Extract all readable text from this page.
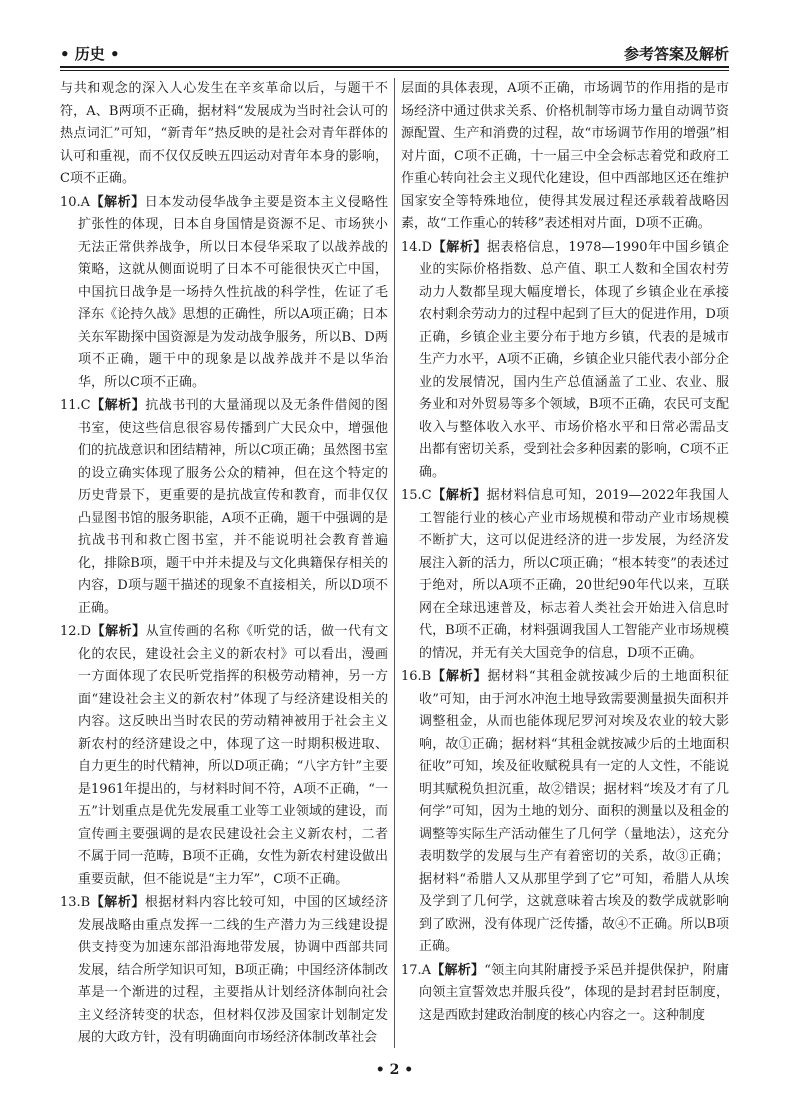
• 历史 •	参考答案及解析

与共和观念的深入人心发生在辛亥革命以后，与题干不符，A、B两项不正确，据材料“发展成为当时社会认可的热点词汇”可知，“新青年”热反映的是社会对青年群体的认可和重视，而不仅仅反映五四运动对青年本身的影响，C项不正确。

10.A【解析】日本发动侵华战争主要是资本主义侵略性扩张性的体现，日本自身国情是资源不足、市场狭小无法正常供养战争，所以日本侵华采取了以战养战的策略，这就从侧面说明了日本不可能很快灭亡中国，中国抗日战争是一场持久性抗战的科学性，佐证了毛泽东《论持久战》思想的正确性，所以A项正确；日本关东军勘探中国资源是为发动战争服务，所以B、D两项不正确，题干中的现象是以战养战并不是以华治华，所以C项不正确。

11.C【解析】抗战书刊的大量涌现以及无条件借阅的图书室，使这些信息很容易传播到广大民众中，增强他们的抗战意识和团结精神，所以C项正确；虽然图书室的设立确实体现了服务公众的精神，但在这个特定的历史背景下，更重要的是抗战宣传和教育，而非仅仅凸显图书馆的服务职能，A项不正确，题干中强调的是抗战书刊和救亡图书室，并不能说明社会教育普遍化，排除B项，题干中并未提及与文化典籍保存相关的内容，D项与题干描述的现象不直接相关，所以D项不正确。

12.D【解析】从宣传画的名称《听党的话，做一代有文化的农民，建设社会主义的新农村》可以看出，漫画一方面体现了农民听党指挥的积极劳动精神，另一方面“建设社会主义的新农村”体现了与经济建设相关的内容。这反映出当时农民的劳动精神被用于社会主义新农村的经济建设之中，体现了这一时期积极进取、自力更生的时代精神，所以D项正确；“八字方针”主要是1961年提出的，与材料时间不符，A项不正确，“一五”计划重点是优先发展重工业等工业领域的建设，而宣传画主要强调的是农民建设社会主义新农村，二者不属于同一范畴，B项不正确，女性为新农村建设做出重要贡献，但不能说是“主力军”，C项不正确。

13.B【解析】根据材料内容比较可知，中国的区域经济发展战略由重点发挥一二线的生产潜力为三线建设提供支持变为加速东部沿海地带发展，协调中西部共同发展，结合所学知识可知，B项正确；中国经济体制改革是一个渐进的过程，主要指从计划经济体制向社会主义经济转变的状态，但材料仅涉及国家计划制定发展的大政方针，没有明确面向市场经济体制改革社会

层面的具体表现，A项不正确，市场调节的作用指的是市场经济中通过供求关系、价格机制等市场力量自动调节资源配置、生产和消费的过程，故“市场调节作用的增强”相对片面，C项不正确，十一届三中全会标志着党和政府工作重心转向社会主义现代化建设，但中西部地区还在维护国家安全等特殊地位，使得其发展过程还承载着战略因素，故“工作重心的转移”表述相对片面，D项不正确。

14.D【解析】据表格信息，1978—1990年中国乡镇企业的实际价格指数、总产值、职工人数和全国农村劳动力人数都呈现大幅度增长，体现了乡镇企业在承接农村剩余劳动力的过程中起到了巨大的促进作用，D项正确，乡镇企业主要分布于地方乡镇，代表的是城市生产力水平，A项不正确，乡镇企业只能代表小部分企业的发展情况，国内生产总值涵盖了工业、农业、服务业和对外贸易等多个领域，B项不正确，农民可支配收入与整体收入水平、市场价格水平和日常必需品支出都有密切关系，受到社会多种因素的影响，C项不正确。

15.C【解析】据材料信息可知，2019—2022年我国人工智能行业的核心产业市场规模和带动产业市场规模不断扩大，这可以促进经济的进一步发展，为经济发展注入新的活力，所以C项正确；“根本转变”的表述过于绝对，所以A项不正确，20世纪90年代以来，互联网在全球迅速普及，标志着人类社会开始进入信息时代，B项不正确，材料强调我国人工智能产业市场规模的情况，并无有关大国竞争的信息，D项不正确。

16.B【解析】据材料“其租金就按减少后的土地面积征收”可知，由于河水冲泡土地导致需要测量损失面积并调整租金，从而也能体现尼罗河对埃及农业的较大影响，故①正确；据材料“其租金就按减少后的土地面积征收”可知，埃及征收赋税具有一定的人文性，不能说明其赋税负担沉重，故②错误；据材料“埃及才有了几何学”可知，因为土地的划分、面积的测量以及租金的调整等实际生产活动催生了几何学（量地法），这充分表明数学的发展与生产有着密切的关系，故③正确；据材料“希腊人又从那里学到了它”可知，希腊人从埃及学到了几何学，这就意味着古埃及的数学成就影响到了欧洲，没有体现广泛传播，故④不正确。所以B项正确。

17.A【解析】“领主向其附庸授予采邑并提供保护，附庸向领主宣誓效忠并服兵役”，体现的是封君封臣制度，这是西欧封建政治制度的核心内容之一。这种制度

• 2 •
